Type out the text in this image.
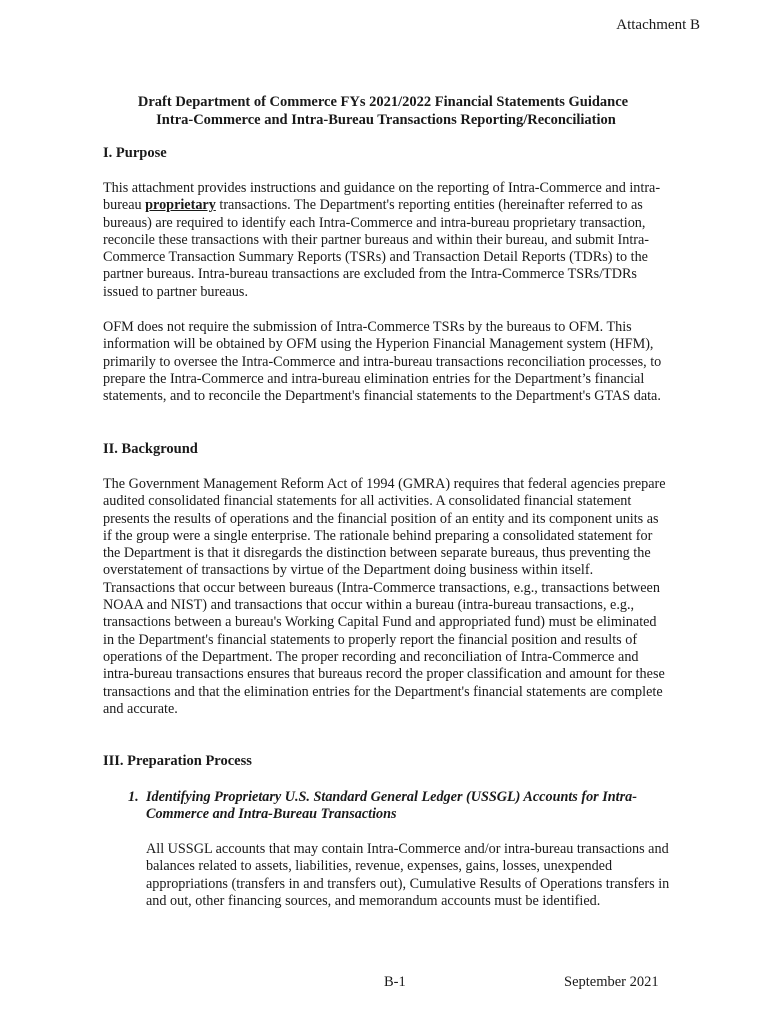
Attachment B
Draft Department of Commerce FYs 2021/2022 Financial Statements Guidance
Intra-Commerce and Intra-Bureau Transactions Reporting/Reconciliation
I. Purpose
This attachment provides instructions and guidance on the reporting of Intra-Commerce and intra-
bureau proprietary transactions. The Department's reporting entities (hereinafter referred to as
bureaus) are required to identify each Intra-Commerce and intra-bureau proprietary transaction,
reconcile these transactions with their partner bureaus and within their bureau, and submit Intra-
Commerce Transaction Summary Reports (TSRs) and Transaction Detail Reports (TDRs) to the
partner bureaus. Intra-bureau transactions are excluded from the Intra-Commerce TSRs/TDRs
issued to partner bureaus.
OFM does not require the submission of Intra-Commerce TSRs by the bureaus to OFM. This
information will be obtained by OFM using the Hyperion Financial Management system (HFM),
primarily to oversee the Intra-Commerce and intra-bureau transactions reconciliation processes, to
prepare the Intra-Commerce and intra-bureau elimination entries for the Department’s financial
statements, and to reconcile the Department's financial statements to the Department's GTAS data.
II. Background
The Government Management Reform Act of 1994 (GMRA) requires that federal agencies prepare
audited consolidated financial statements for all activities. A consolidated financial statement
presents the results of operations and the financial position of an entity and its component units as
if the group were a single enterprise. The rationale behind preparing a consolidated statement for
the Department is that it disregards the distinction between separate bureaus, thus preventing the
overstatement of transactions by virtue of the Department doing business within itself.
Transactions that occur between bureaus (Intra-Commerce transactions, e.g., transactions between
NOAA and NIST) and transactions that occur within a bureau (intra-bureau transactions, e.g.,
transactions between a bureau's Working Capital Fund and appropriated fund) must be eliminated
in the Department's financial statements to properly report the financial position and results of
operations of the Department. The proper recording and reconciliation of Intra-Commerce and
intra-bureau transactions ensures that bureaus record the proper classification and amount for these
transactions and that the elimination entries for the Department's financial statements are complete
and accurate.
III. Preparation Process
1. Identifying Proprietary U.S. Standard General Ledger (USSGL) Accounts for Intra-
Commerce and Intra-Bureau Transactions
All USSGL accounts that may contain Intra-Commerce and/or intra-bureau transactions and
balances related to assets, liabilities, revenue, expenses, gains, losses, unexpended
appropriations (transfers in and transfers out), Cumulative Results of Operations transfers in
and out, other financing sources, and memorandum accounts must be identified.
B-1	September 2021
